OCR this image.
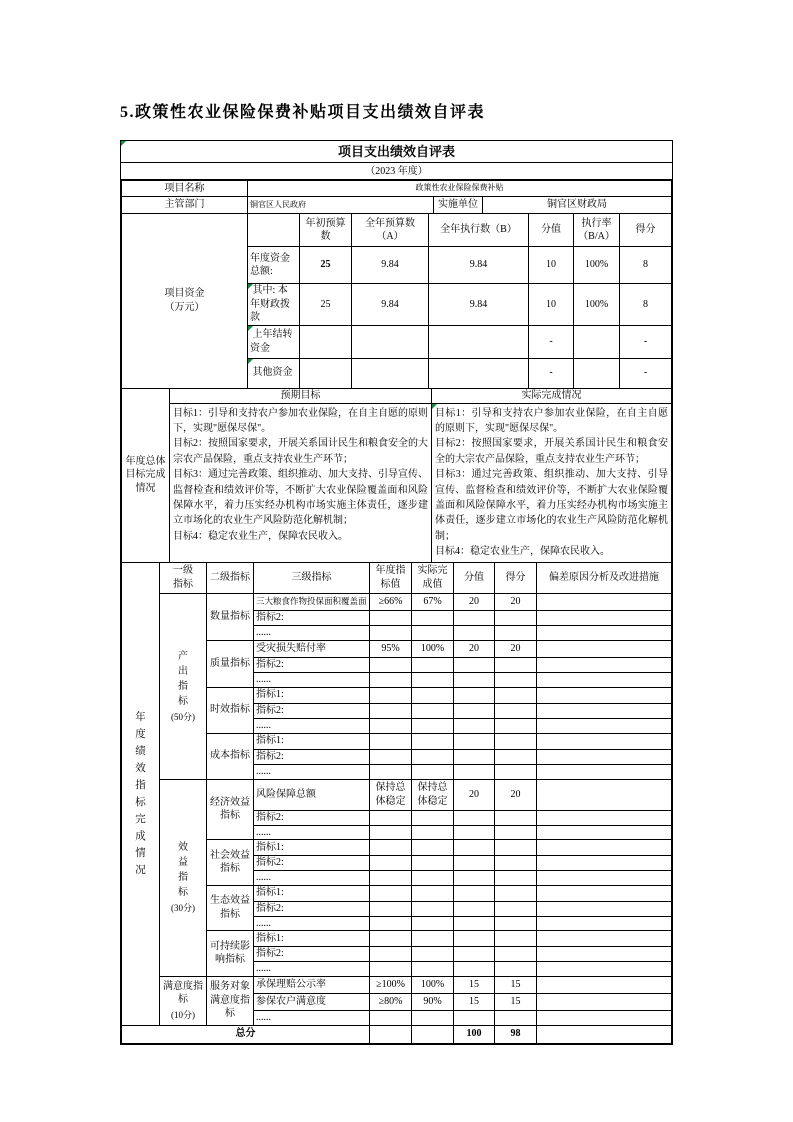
5.政策性农业保险保费补贴项目支出绩效自评表
项目支出绩效自评表
（2023 年度）
项目名称	政策性农业保险保费补贴		
主管部门	铜官区人民政府	实施单位	铜官区财政局
项目资金（万元）		年初预算数	全年预算数（A）	全年执行数（B）	分值	执行率（B/A）	得分
	年度资金总额:	25	9.84	9.84	10	100%	8

其中: 本年财政拨款	25	9.84	9.84	10	100%	8

上年结转资金				-		-

其他资金				-		-
年度总体目标完成情况	预期目标	实际完成情况

目标1：引导和支持农户参加农业保险，在自主自愿的原则下，实现"愿保尽保"。
目标2：按照国家要求，开展关系国计民生和粮食安全的大宗农产品保险，重点支持农业生产环节；
目标3：通过完善政策、组织推动、加大支持、引导宣传、监督检查和绩效评价等，不断扩大农业保险覆盖面和风险保障水平，着力压实经办机构市场实施主体责任，逐步建立市场化的农业生产风险防范化解机制；
目标4：稳定农业生产，保障农民收入。

目标1：引导和支持农户参加农业保险，在自主自愿的原则下，实现"愿保尽保"。
目标2：按照国家要求，开展关系国计民生和粮食安全的大宗农产品保险，重点支持农业生产环节；
目标3：通过完善政策、组织推动、加大支持、引导宣传、监督检查和绩效评价等，不断扩大农业保险覆盖面和风险保障水平，着力压实经办机构市场实施主体责任，逐步建立市场化的农业生产风险防范化解机制；
目标4：稳定农业生产，保障农民收入。
年度绩效指标完成情况	一级指标	二级指标	三级指标	年度指标值	实际完成值	分值	得分	偏差原因分析及改进措施

	产出指标
(50分)	数量指标	三大粮食作物投保面积覆盖面	≥66%	67%	20	20	
			指标2:					
			......					
		质量指标	受灾损失赔付率	95%	100%	20	20	
			指标2:					
			......					
		时效指标	指标1:					
			指标2:					
			......					
		成本指标	指标1:					
			指标2:					
			......					

	效益指标
(30分)	经济效益指标	风险保障总额	保持总体稳定	保持总体稳定	20	20	
			指标2:					
			......					
		社会效益指标	指标1:					
			指标2:					
			......					
		生态效益指标	指标1:					
			指标2:					
			......					
		可持续影响指标	指标1:					
			指标2:					
			......					

	满意度指标
(10分)	服务对象满意度指标	承保理赔公示率	≥100%	100%	15	15	
			参保农户满意度	≥80%	90%	15	15	
			......					
总分						100	98	
